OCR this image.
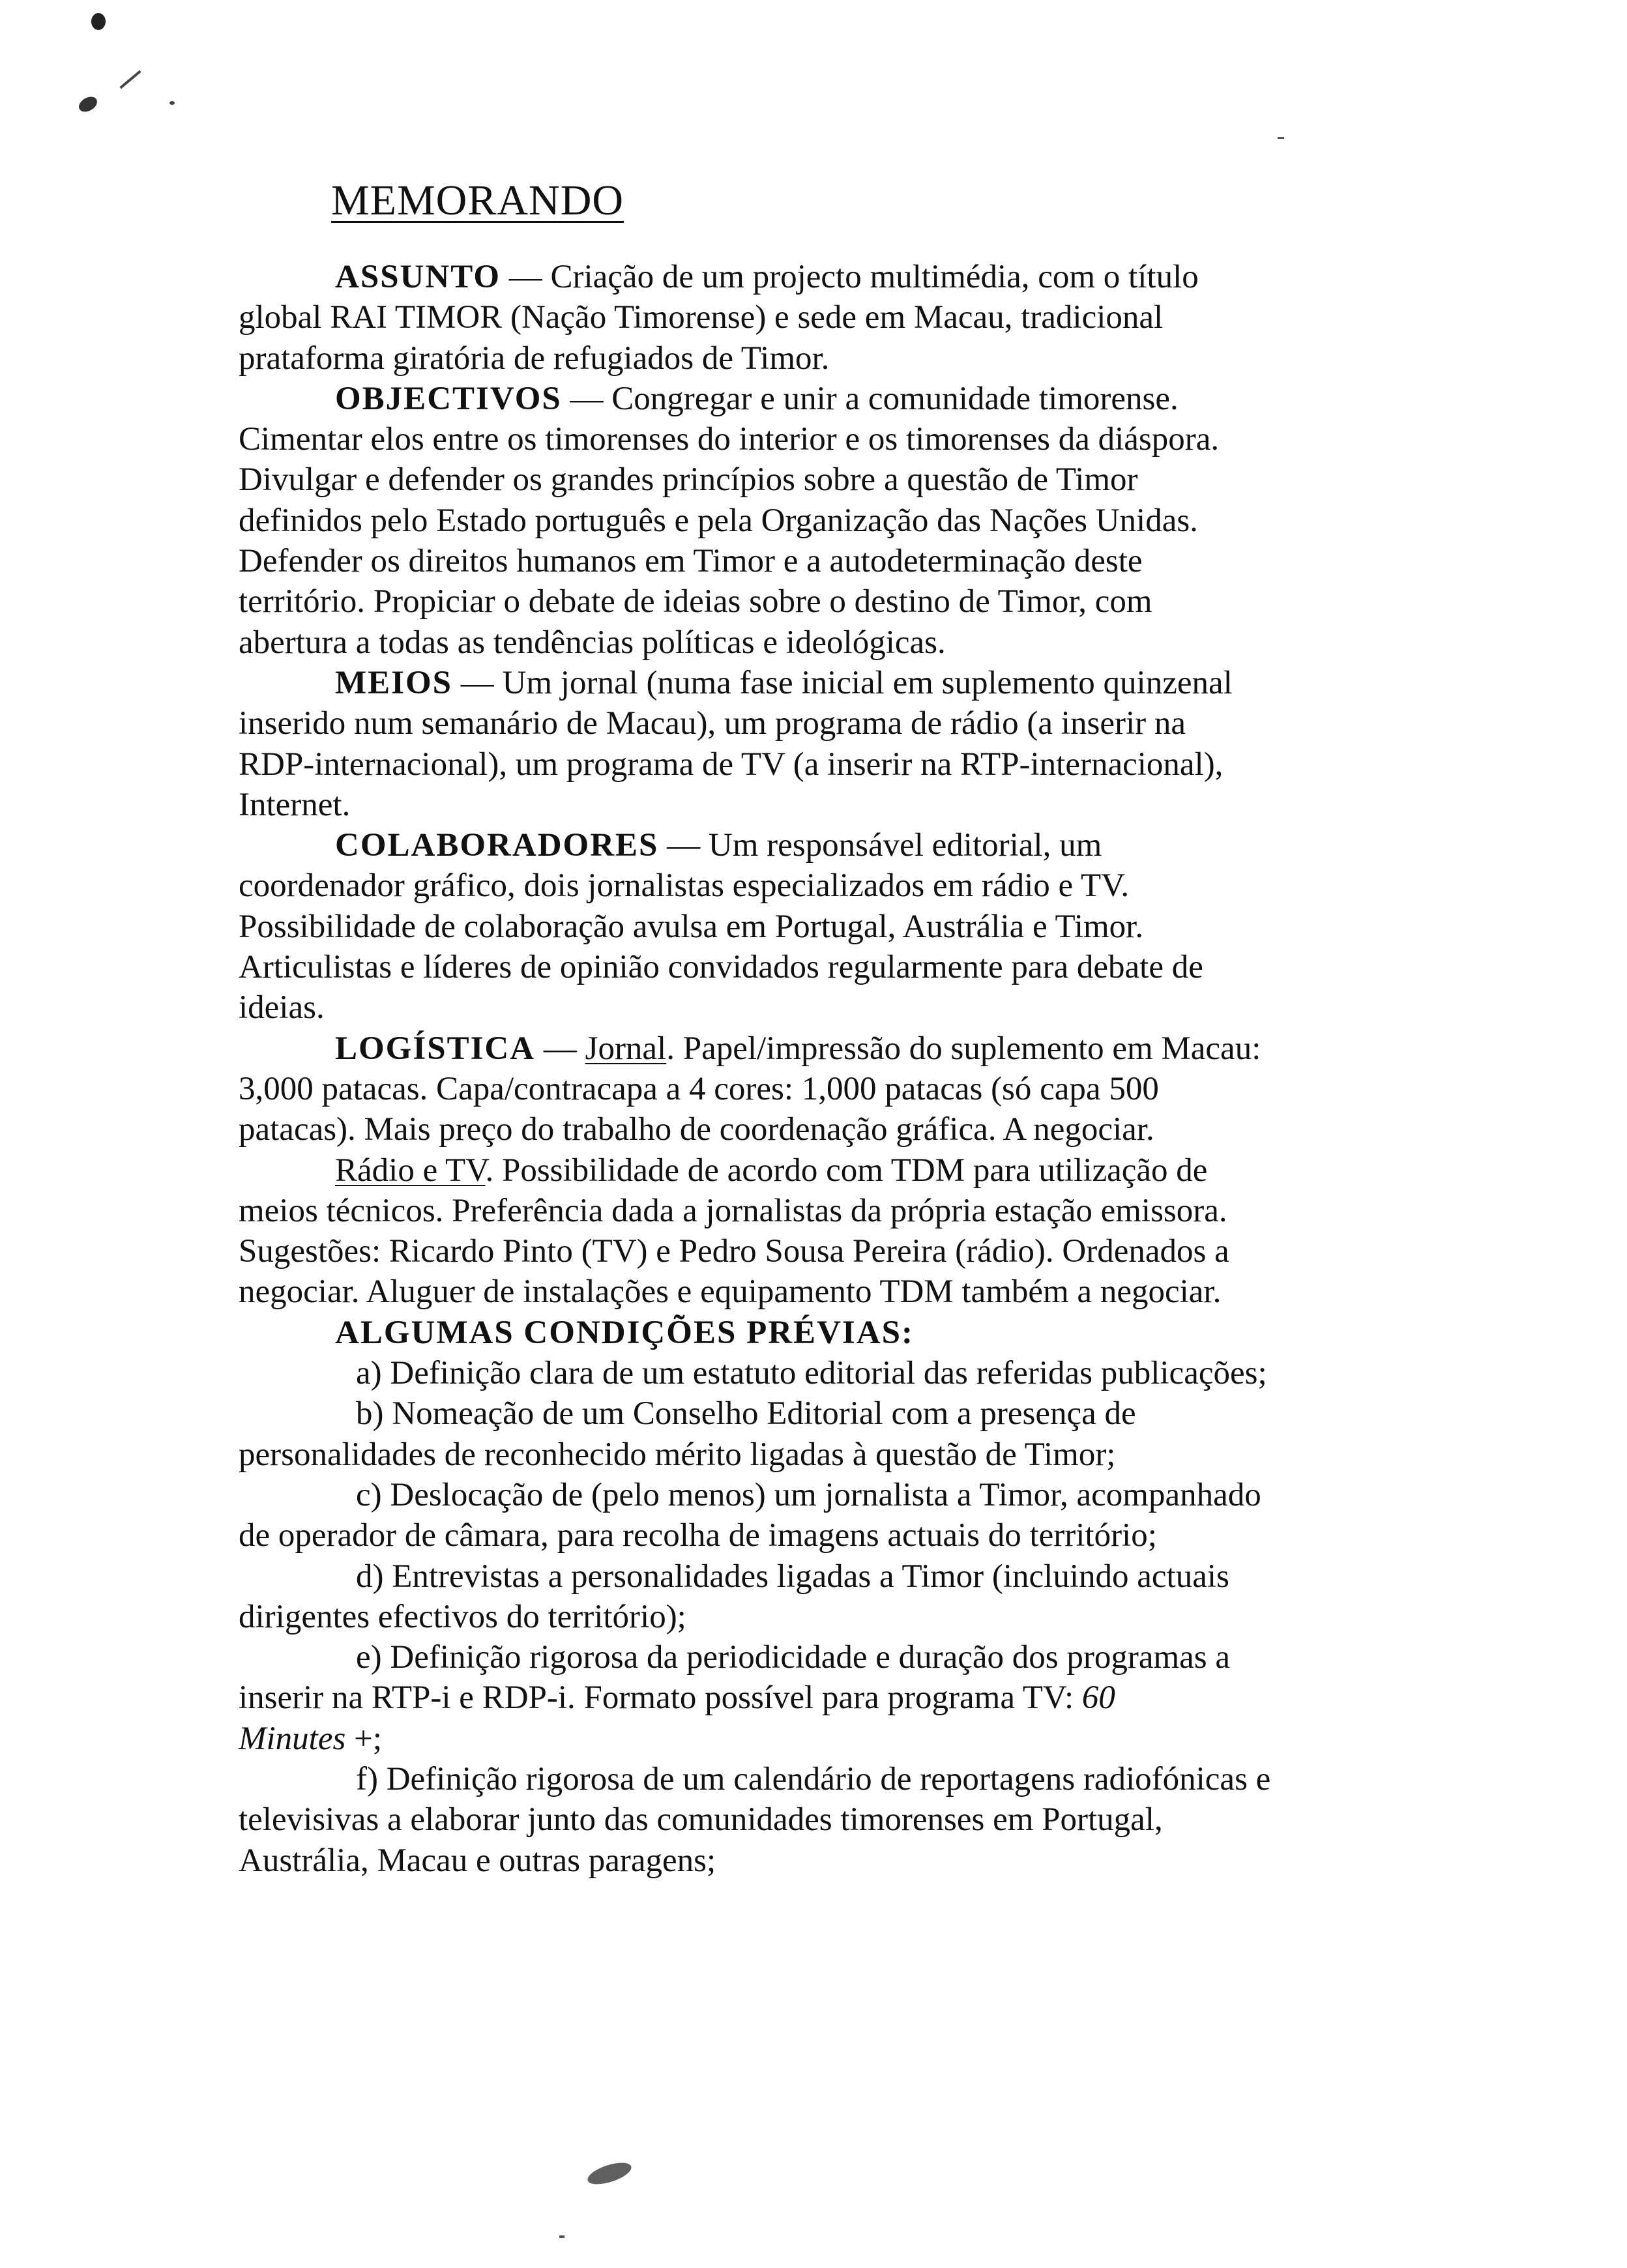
MEMORANDO
ASSUNTO — Criação de um projecto multimédia, com o título
global RAI TIMOR (Nação Timorense) e sede em Macau, tradicional
prataforma giratória de refugiados de Timor.
OBJECTIVOS — Congregar e unir a comunidade timorense.
Cimentar elos entre os timorenses do interior e os timorenses da diáspora.
Divulgar e defender os grandes princípios sobre a questão de Timor
definidos pelo Estado português e pela Organização das Nações Unidas.
Defender os direitos humanos em Timor e a autodeterminação deste
território. Propiciar o debate de ideias sobre o destino de Timor, com
abertura a todas as tendências políticas e ideológicas.
MEIOS — Um jornal (numa fase inicial em suplemento quinzenal
inserido num semanário de Macau), um programa de rádio (a inserir na
RDP-internacional), um programa de TV (a inserir na RTP-internacional),
Internet.
COLABORADORES — Um responsável editorial, um
coordenador gráfico, dois jornalistas especializados em rádio e TV.
Possibilidade de colaboração avulsa em Portugal, Austrália e Timor.
Articulistas e líderes de opinião convidados regularmente para debate de
ideias.
LOGÍSTICA — Jornal. Papel/impressão do suplemento em Macau:
3,000 patacas. Capa/contracapa a 4 cores: 1,000 patacas (só capa 500
patacas). Mais preço do trabalho de coordenação gráfica. A negociar.
Rádio e TV. Possibilidade de acordo com TDM para utilização de
meios técnicos. Preferência dada a jornalistas da própria estação emissora.
Sugestões: Ricardo Pinto (TV) e Pedro Sousa Pereira (rádio). Ordenados a
negociar. Aluguer de instalações e equipamento TDM também a negociar.
ALGUMAS CONDIÇÕES PRÉVIAS:
a) Definição clara de um estatuto editorial das referidas publicações;
b) Nomeação de um Conselho Editorial com a presença de
personalidades de reconhecido mérito ligadas à questão de Timor;
c) Deslocação de (pelo menos) um jornalista a Timor, acompanhado
de operador de câmara, para recolha de imagens actuais do território;
d) Entrevistas a personalidades ligadas a Timor (incluindo actuais
dirigentes efectivos do território);
e) Definição rigorosa da periodicidade e duração dos programas a
inserir na RTP-i e RDP-i. Formato possível para programa TV: 60
Minutes +;
f) Definição rigorosa de um calendário de reportagens radiofónicas e
televisivas a elaborar junto das comunidades timorenses em Portugal,
Austrália, Macau e outras paragens;
